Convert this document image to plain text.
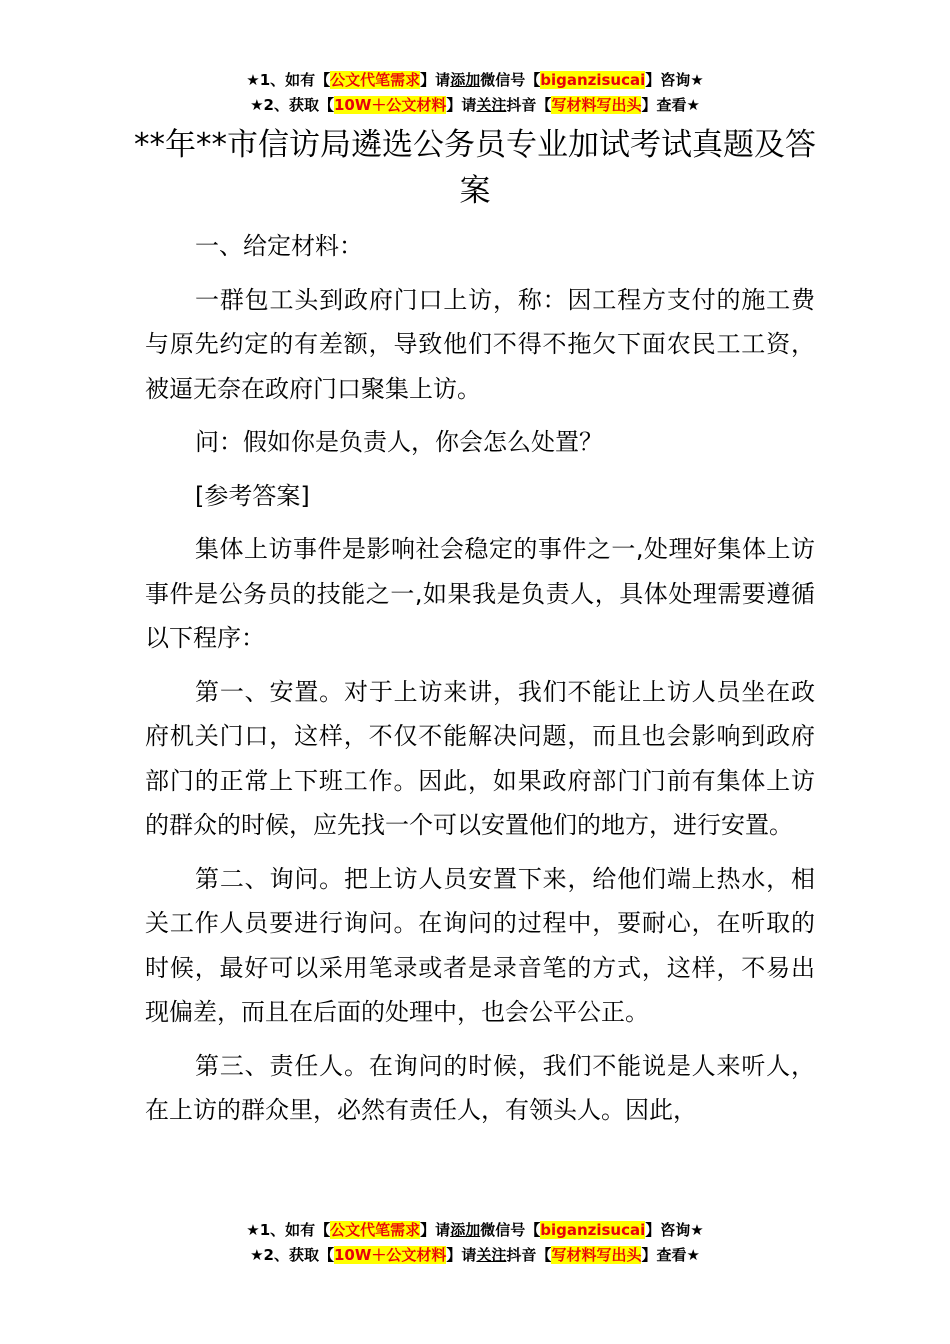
★1、如有【公文代笔需求】请添加微信号【biganzisucai】咨询★
★2、获取【10W＋公文材料】请关注抖音【写材料写出头】查看★
**年**市信访局遴选公务员专业加试考试真题及答案

一、给定材料：

一群包工头到政府门口上访，称：因工程方支付的施工费与原先约定的有差额，导致他们不得不拖欠下面农民工工资，被逼无奈在政府门口聚集上访。

问：假如你是负责人，你会怎么处置？

[参考答案]

集体上访事件是影响社会稳定的事件之一,处理好集体上访事件是公务员的技能之一,如果我是负责人，具体处理需要遵循以下程序：

第一、安置。对于上访来讲，我们不能让上访人员坐在政府机关门口，这样，不仅不能解决问题，而且也会影响到政府部门的正常上下班工作。因此，如果政府部门门前有集体上访的群众的时候，应先找一个可以安置他们的地方，进行安置。

第二、询问。把上访人员安置下来，给他们端上热水，相关工作人员要进行询问。在询问的过程中，要耐心，在听取的时候，最好可以采用笔录或者是录音笔的方式，这样，不易出现偏差，而且在后面的处理中，也会公平公正。

第三、责任人。在询问的时候，我们不能说是人来听人，在上访的群众里，必然有责任人，有领头人。因此，

★1、如有【公文代笔需求】请添加微信号【biganzisucai】咨询★
★2、获取【10W＋公文材料】请关注抖音【写材料写出头】查看★
